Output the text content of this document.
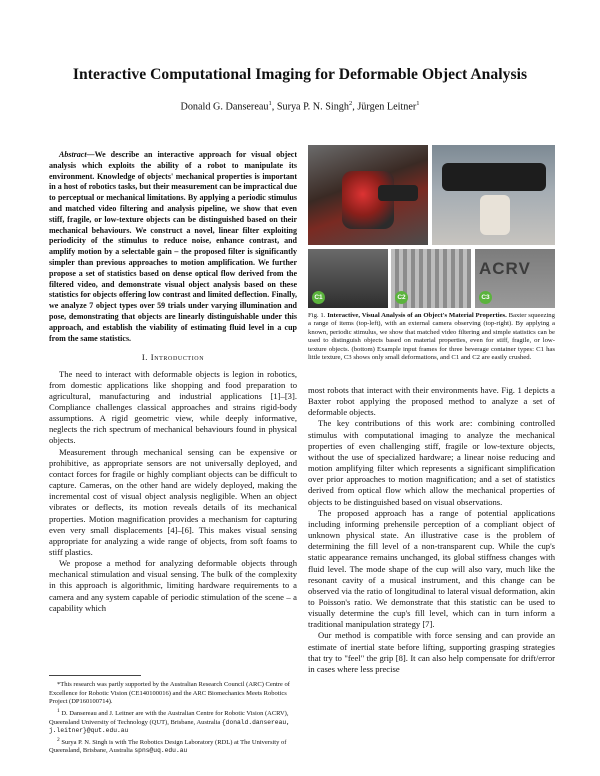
Interactive Computational Imaging for Deformable Object Analysis
Donald G. Dansereau$^1$, Surya P. N. Singh$^2$, Jürgen Leitner$^1$
Abstract—We describe an interactive approach for visual object analysis which exploits the ability of a robot to manipulate its environment. Knowledge of objects' mechanical properties is important in a host of robotics tasks, but their measurement can be impractical due to perceptual or mechanical limitations. By applying a periodic stimulus and matched video filtering and analysis pipeline, we show that even stiff, fragile, or low-texture objects can be distinguished based on their mechanical behaviours. We construct a novel, linear filter exploiting periodicity of the stimulus to reduce noise, enhance contrast, and amplify motion by a selectable gain – the proposed filter is significantly simpler than previous approaches to motion amplification. We further propose a set of statistics based on dense optical flow derived from the filtered video, and demonstrate visual object analysis based on these statistics for objects offering low contrast and limited deflection. Finally, we analyze 7 object types over 59 trials under varying illumination and pose, demonstrating that objects are linearly distinguishable under this approach, and establish the viability of estimating fluid level in a cup from the same statistics.
I. Introduction

The need to interact with deformable objects is legion in robotics, from domestic applications like shopping and food preparation to agricultural, manufacturing and industrial applications [1]–[3]. Compliance challenges classical approaches and strains rigid-body assumptions. A rigid geometric view, while deeply informative, neglects the rich spectrum of mechanical behaviours found in physical objects.

Measurement through mechanical sensing can be expensive or prohibitive, as appropriate sensors are not universally deployed, and contact forces for fragile or highly compliant objects can be difficult to capture. Cameras, on the other hand are widely deployed, making the incremental cost of visual object analysis negligible. When an object vibrates or deflects, its motion reveals details of its mechanical properties. Motion magnification provides a mechanism for capturing even very small displacements [4]–[6]. This makes visual sensing appropriate for analyzing a wide range of objects, from soft foams to stiff plastics.

We propose a method for analyzing deformable objects through mechanical stimulation and visual sensing. The bulk of the complexity in this approach is algorithmic, limiting hardware requirements to a camera and any system capable of periodic stimulation of the scene – a capability which

*This research was partly supported by the Australian Research Council (ARC) Centre of Excellence for Robotic Vision (CE140100016) and the ARC Biomechanics Meets Robotics Project (DP160100714).

$^1$ D. Dansereau and J. Leitner are with the Australian Centre for Robotic Vision (ACRV), Queensland University of Technology (QUT), Brisbane, Australia {donald.dansereau, j.leitner}@qut.edu.au

$^2$ Surya P. N. Singh is with The Robotics Design Laboratory (RDL) at The University of Queensland, Brisbane, Australia spns@uq.edu.au

C1	C2
ACRV
C3
Fig. 1. Interactive, Visual Analysis of an Object's Material Properties. Baxter squeezing a range of items (top-left), with an external camera observing (top-right). By applying a known, periodic stimulus, we show that matched video filtering and simple statistics can be used to distinguish objects based on material properties, even for stiff, fragile, or low-texture objects. (bottom) Example input frames for three beverage container types: C1 has little texture, C3 shows only small deformations, and C1 and C2 are easily crushed.

most robots that interact with their environments have. Fig. 1 depicts a Baxter robot applying the proposed method to analyze a set of deformable objects.

The key contributions of this work are: combining controlled stimulus with computational imaging to analyze the mechanical properties of even challenging stiff, fragile or low-texture objects, without the use of specialized hardware; a linear noise reducing and motion amplifying filter which represents a significant simplification over prior approaches to motion magnification; and a set of statistics derived from optical flow which allow the mechanical properties of objects to be distinguished based on visual observations.

The proposed approach has a range of potential applications including informing prehensile perception of a compliant object of unknown physical state. An illustrative case is the problem of determining the fill level of a non-transparent cup. While the cup's static appearance remains unchanged, its global stiffness changes with fluid level. The mode shape of the cup will also vary, much like the resonant cavity of a musical instrument, and this change can be observed via the ratio of longitudinal to lateral visual deformation, akin to Poisson's ratio. We demonstrate that this statistic can be used to visually determine the cup's fill level, which can in turn inform a traditional manipulation strategy [7].

Our method is compatible with force sensing and can provide an estimate of inertial state before lifting, supporting grasping strategies that try to "feel" the grip [8]. It can also help compensate for drift/error in cases where less precise
